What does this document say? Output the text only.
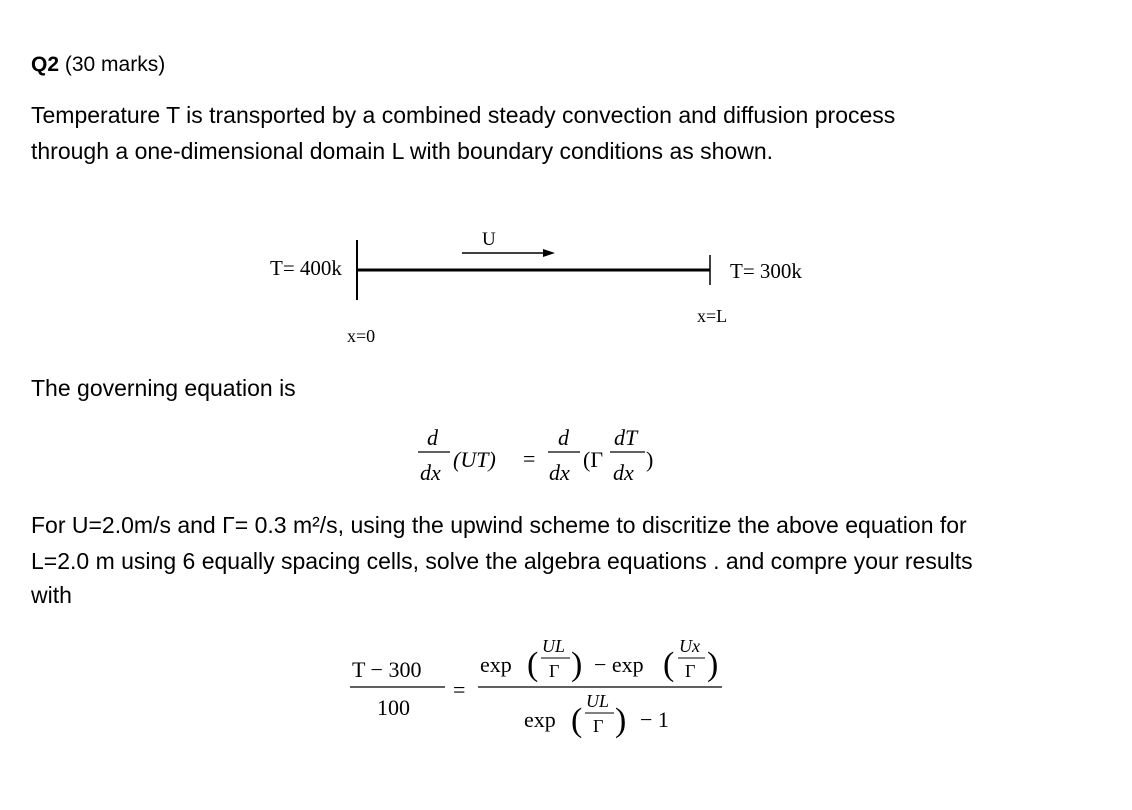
Q2 (30 marks)
Temperature T is transported by a combined steady convection and diffusion process
through a one-dimensional domain L with boundary conditions as shown.
T= 400k
U
T= 300k
x=0
x=L
The governing equation is
d
dx
(UT) =
d
dx
(Γ
dT
dx
)
For U=2.0m/s and Γ= 0.3 m²/s, using the upwind scheme to discritize the above equation for
L=2.0 m using 6 equally spacing cells, solve the algebra equations . and compre your results
with
T − 300
100
=
exp ( UL
Γ ) − exp ( Ux
Γ )
exp (
UL
Γ ) − 1
